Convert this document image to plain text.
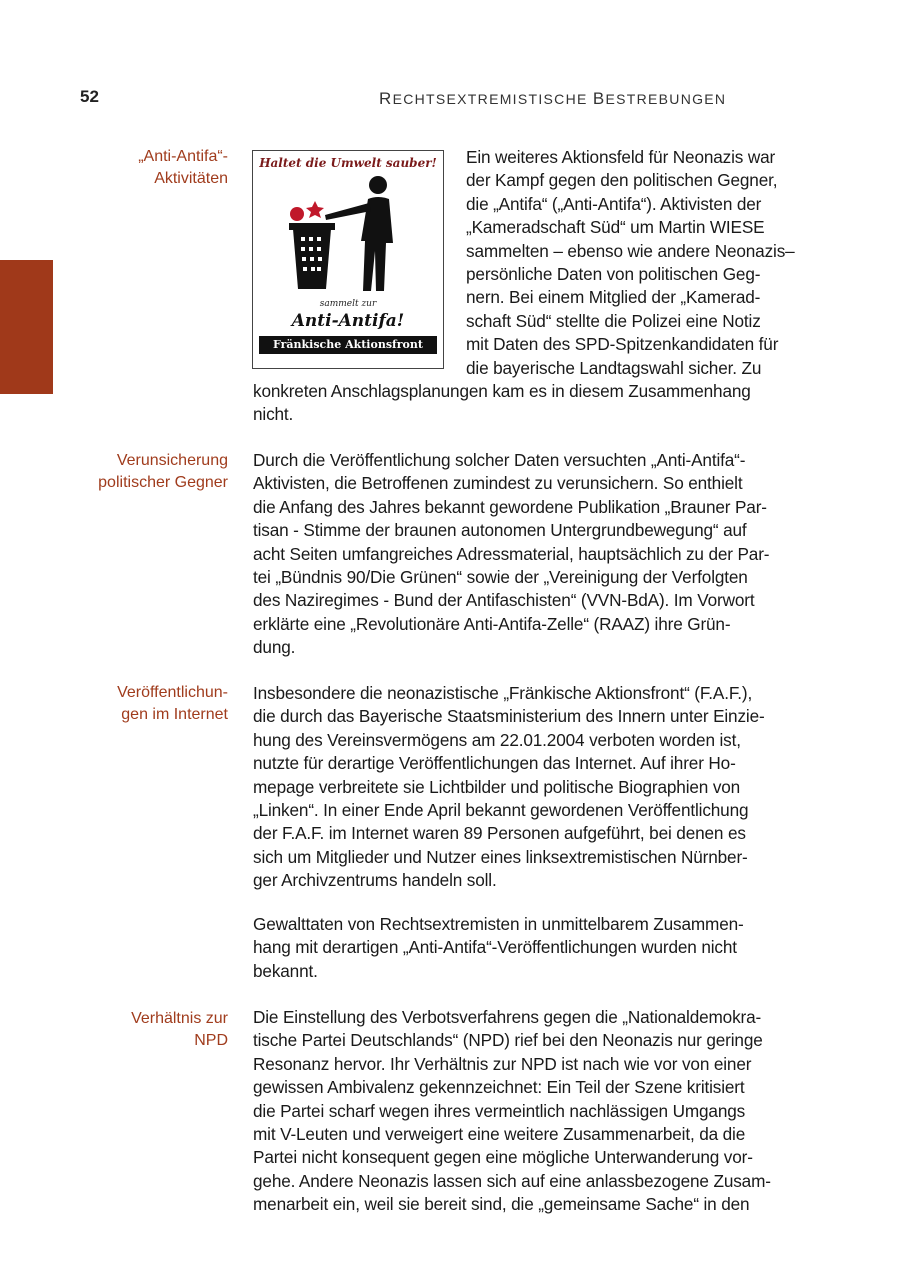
52	RECHTSEXTREMISTISCHE BESTREBUNGEN
„Anti-Antifa“-
Aktivitäten
Verunsicherung
politischer Gegner
Veröffentlichun-
gen im Internet
Verhältnis zur
NPD
Haltet die Umwelt sauber!
sammelt zur
Anti-Antifa!
Fränkische Aktionsfront
Ein weiteres Aktionsfeld für Neonazis war
der Kampf gegen den politischen Gegner,
die „Antifa“ („Anti-Antifa“). Aktivisten der
„Kameradschaft Süd“ um Martin WIESE
sammelten – ebenso wie andere Neonazis–
persönliche Daten von politischen Geg-
nern. Bei einem Mitglied der „Kamerad-
schaft Süd“ stellte die Polizei eine Notiz
mit Daten des SPD-Spitzenkandidaten für
die bayerische Landtagswahl sicher. Zu
konkreten Anschlagsplanungen kam es in diesem Zusammenhang
nicht.
Durch die Veröffentlichung solcher Daten versuchten „Anti-Antifa“-
Aktivisten, die Betroffenen zumindest zu verunsichern. So enthielt
die Anfang des Jahres bekannt gewordene Publikation „Brauner Par-
tisan - Stimme der braunen autonomen Untergrundbewegung“ auf
acht Seiten umfangreiches Adressmaterial, hauptsächlich zu der Par-
tei „Bündnis 90/Die Grünen“ sowie der „Vereinigung der Verfolgten
des Naziregimes - Bund der Antifaschisten“ (VVN-BdA). Im Vorwort
erklärte eine „Revolutionäre Anti-Antifa-Zelle“ (RAAZ) ihre Grün-
dung.
Insbesondere die neonazistische „Fränkische Aktionsfront“ (F.A.F.),
die durch das Bayerische Staatsministerium des Innern unter Einzie-
hung des Vereinsvermögens am 22.01.2004 verboten worden ist,
nutzte für derartige Veröffentlichungen das Internet. Auf ihrer Ho-
mepage verbreitete sie Lichtbilder und politische Biographien von
„Linken“. In einer Ende April bekannt gewordenen Veröffentlichung
der F.A.F. im Internet waren 89 Personen aufgeführt, bei denen es
sich um Mitglieder und Nutzer eines linksextremistischen Nürnber-
ger Archivzentrums handeln soll.
Gewalttaten von Rechtsextremisten in unmittelbarem Zusammen-
hang mit derartigen „Anti-Antifa“-Veröffentlichungen wurden nicht
bekannt.
Die Einstellung des Verbotsverfahrens gegen die „Nationaldemokra-
tische Partei Deutschlands“ (NPD) rief bei den Neonazis nur geringe
Resonanz hervor. Ihr Verhältnis zur NPD ist nach wie vor von einer
gewissen Ambivalenz gekennzeichnet: Ein Teil der Szene kritisiert
die Partei scharf wegen ihres vermeintlich nachlässigen Umgangs
mit V-Leuten und verweigert eine weitere Zusammenarbeit, da die
Partei nicht konsequent gegen eine mögliche Unterwanderung vor-
gehe. Andere Neonazis lassen sich auf eine anlassbezogene Zusam-
menarbeit ein, weil sie bereit sind, die „gemeinsame Sache“ in den
